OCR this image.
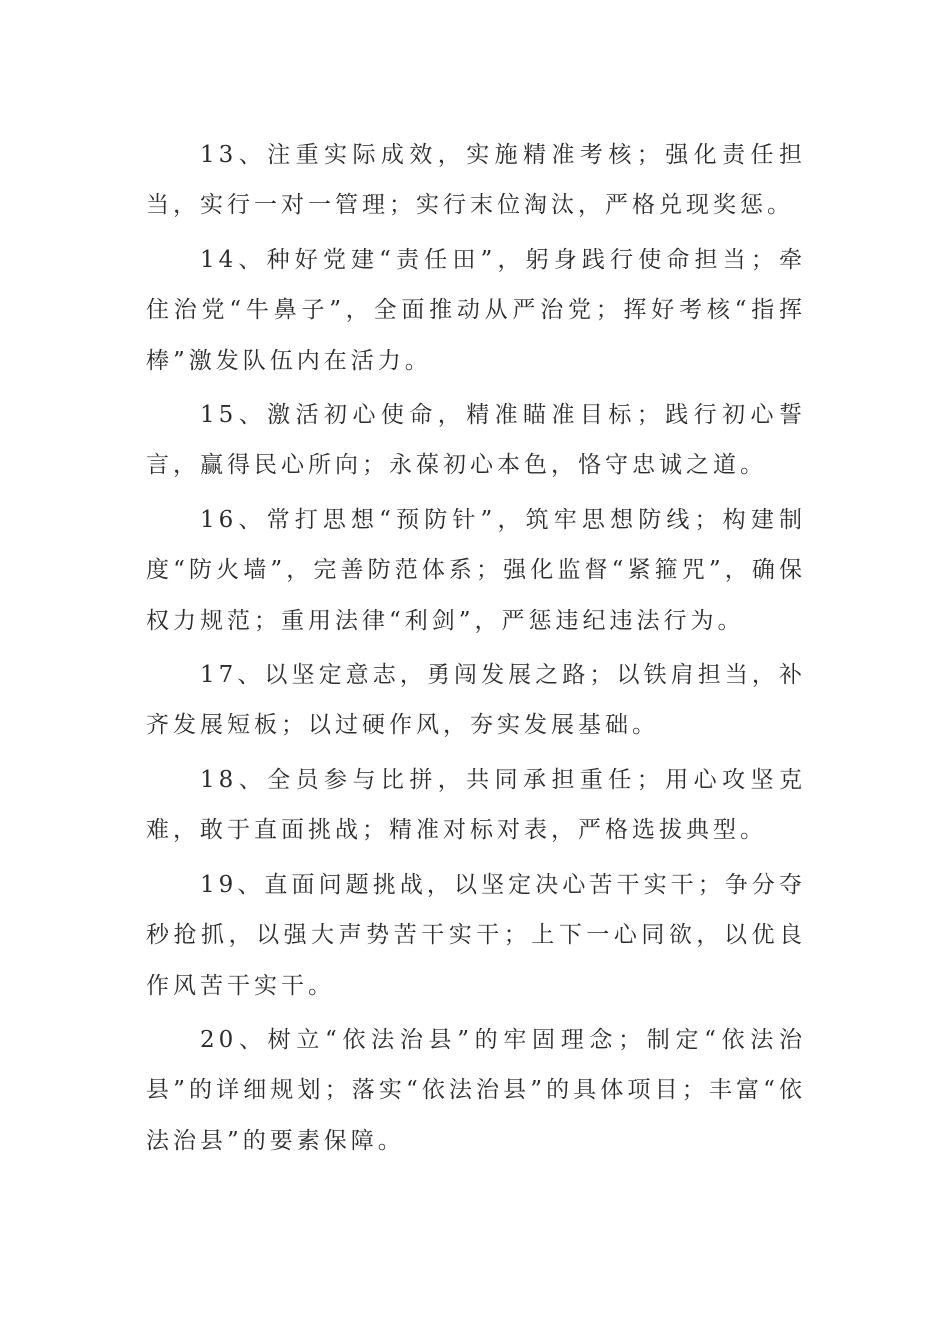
13、注重实际成效，实施精准考核；强化责任担当，实行一对一管理；实行末位淘汰，严格兑现奖惩。

14、种好党建“责任田”，躬身践行使命担当；牵住治党“牛鼻子”，全面推动从严治党；挥好考核“指挥棒”激发队伍内在活力。

15、激活初心使命，精准瞄准目标；践行初心誓言，赢得民心所向；永葆初心本色，恪守忠诚之道。

16、常打思想“预防针”，筑牢思想防线；构建制度“防火墙”，完善防范体系；强化监督“紧箍咒”，确保权力规范；重用法律“利剑”，严惩违纪违法行为。

17、以坚定意志，勇闯发展之路；以铁肩担当，补齐发展短板；以过硬作风，夯实发展基础。

18、全员参与比拼，共同承担重任；用心攻坚克难，敢于直面挑战；精准对标对表，严格选拔典型。

19、直面问题挑战，以坚定决心苦干实干；争分夺秒抢抓，以强大声势苦干实干；上下一心同欲，以优良作风苦干实干。

20、树立“依法治县”的牢固理念；制定“依法治县”的详细规划；落实“依法治县”的具体项目；丰富“依法治县”的要素保障。
